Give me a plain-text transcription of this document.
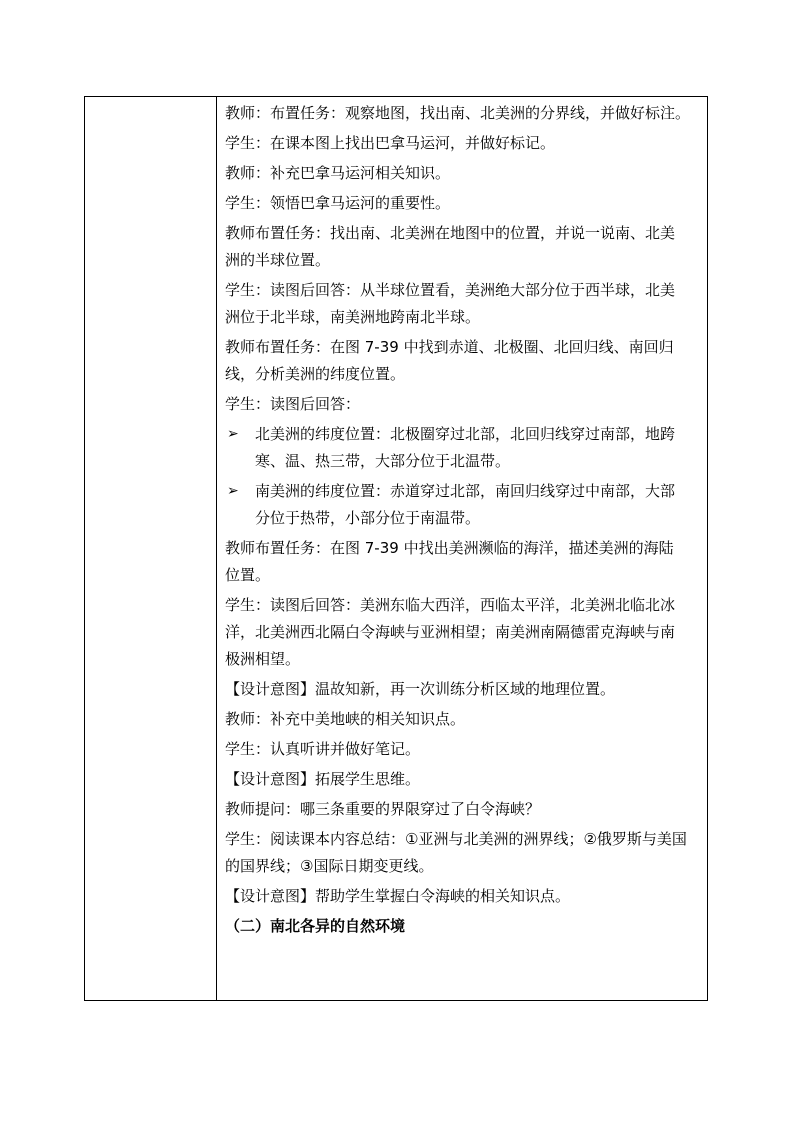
教师：布置任务：观察地图，找出南、北美洲的分界线，并做好标注。
学生：在课本图上找出巴拿马运河，并做好标记。
教师：补充巴拿马运河相关知识。
学生：领悟巴拿马运河的重要性。
教师布置任务：找出南、北美洲在地图中的位置，并说一说南、北美
洲的半球位置。
学生：读图后回答：从半球位置看，美洲绝大部分位于西半球，北美
洲位于北半球，南美洲地跨南北半球。
教师布置任务：在图 7-39 中找到赤道、北极圈、北回归线、南回归
线，分析美洲的纬度位置。
学生：读图后回答：
➢	北美洲的纬度位置：北极圈穿过北部，北回归线穿过南部，地跨
寒、温、热三带，大部分位于北温带。
➢	南美洲的纬度位置：赤道穿过北部，南回归线穿过中南部，大部
分位于热带，小部分位于南温带。
教师布置任务：在图 7-39 中找出美洲濒临的海洋，描述美洲的海陆
位置。
学生：读图后回答：美洲东临大西洋，西临太平洋，北美洲北临北冰
洋，北美洲西北隔白令海峡与亚洲相望；南美洲南隔德雷克海峡与南
极洲相望。
【设计意图】温故知新，再一次训练分析区域的地理位置。
教师：补充中美地峡的相关知识点。
学生：认真听讲并做好笔记。
【设计意图】拓展学生思维。
教师提问：哪三条重要的界限穿过了白令海峡？
学生：阅读课本内容总结：①亚洲与北美洲的洲界线；②俄罗斯与美国
的国界线；③国际日期变更线。
【设计意图】帮助学生掌握白令海峡的相关知识点。
（二）南北各异的自然环境
